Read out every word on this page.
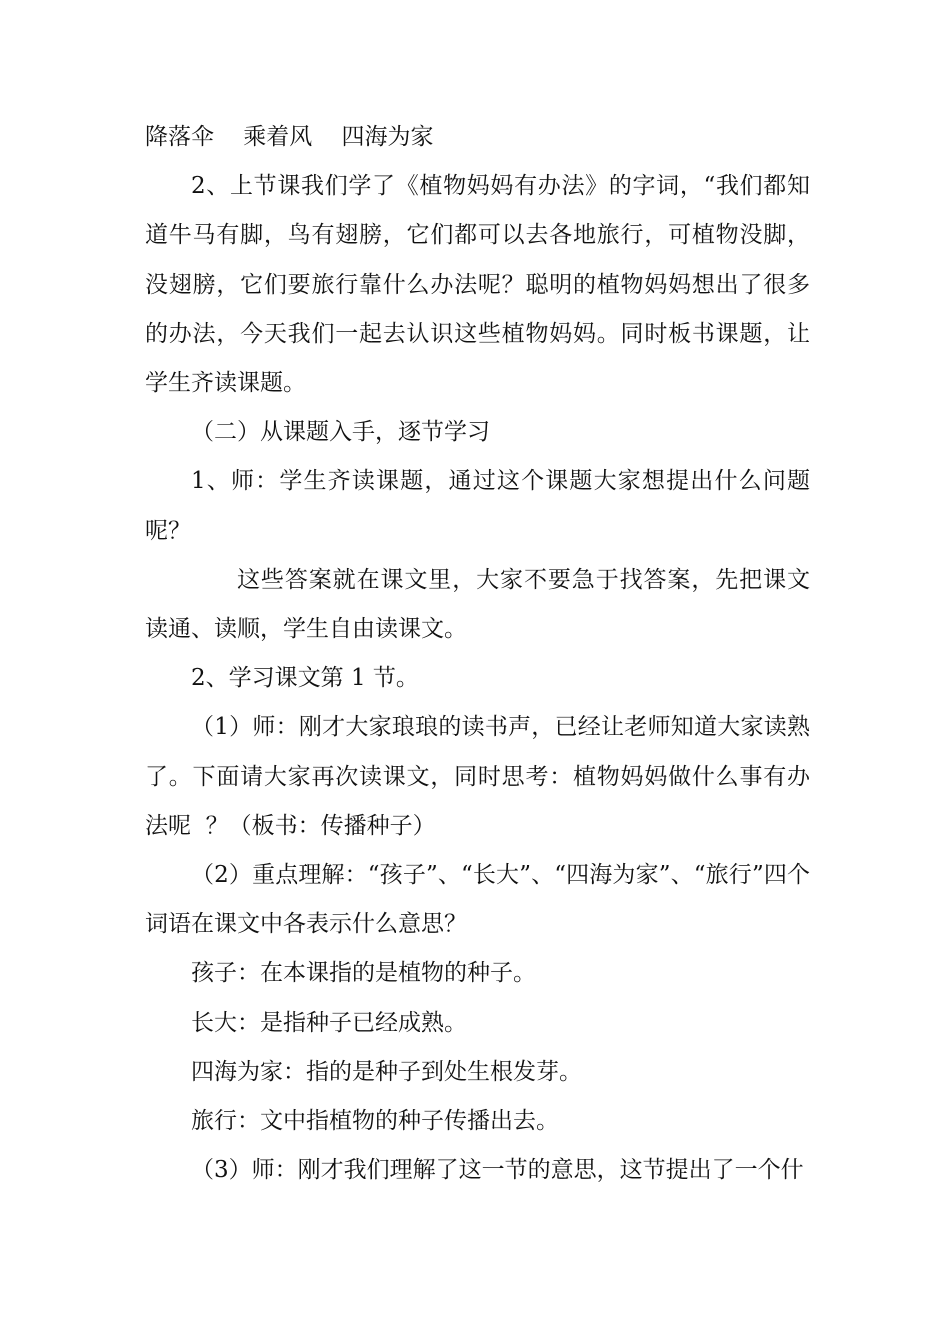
降落伞    乘着风    四海为家

2、上节课我们学了《植物妈妈有办法》的字词，“我们都知道牛马有脚，鸟有翅膀，它们都可以去各地旅行，可植物没脚，没翅膀，它们要旅行靠什么办法呢？聪明的植物妈妈想出了很多的办法，今天我们一起去认识这些植物妈妈。同时板书课题，让学生齐读课题。

（二）从课题入手，逐节学习

1、师：学生齐读课题，通过这个课题大家想提出什么问题呢？

这些答案就在课文里，大家不要急于找答案，先把课文读通、读顺，学生自由读课文。

2、学习课文第 1 节。

（1）师：刚才大家琅琅的读书声，已经让老师知道大家读熟了。下面请大家再次读课文，同时思考：植物妈妈做什么事有办法呢  ？（板书：传播种子）

（2）重点理解：“孩子”、“长大”、“四海为家”、“旅行”四个词语在课文中各表示什么意思？

孩子：在本课指的是植物的种子。

长大：是指种子已经成熟。

四海为家：指的是种子到处生根发芽。

旅行：文中指植物的种子传播出去。

（3）师：刚才我们理解了这一节的意思，这节提出了一个什
